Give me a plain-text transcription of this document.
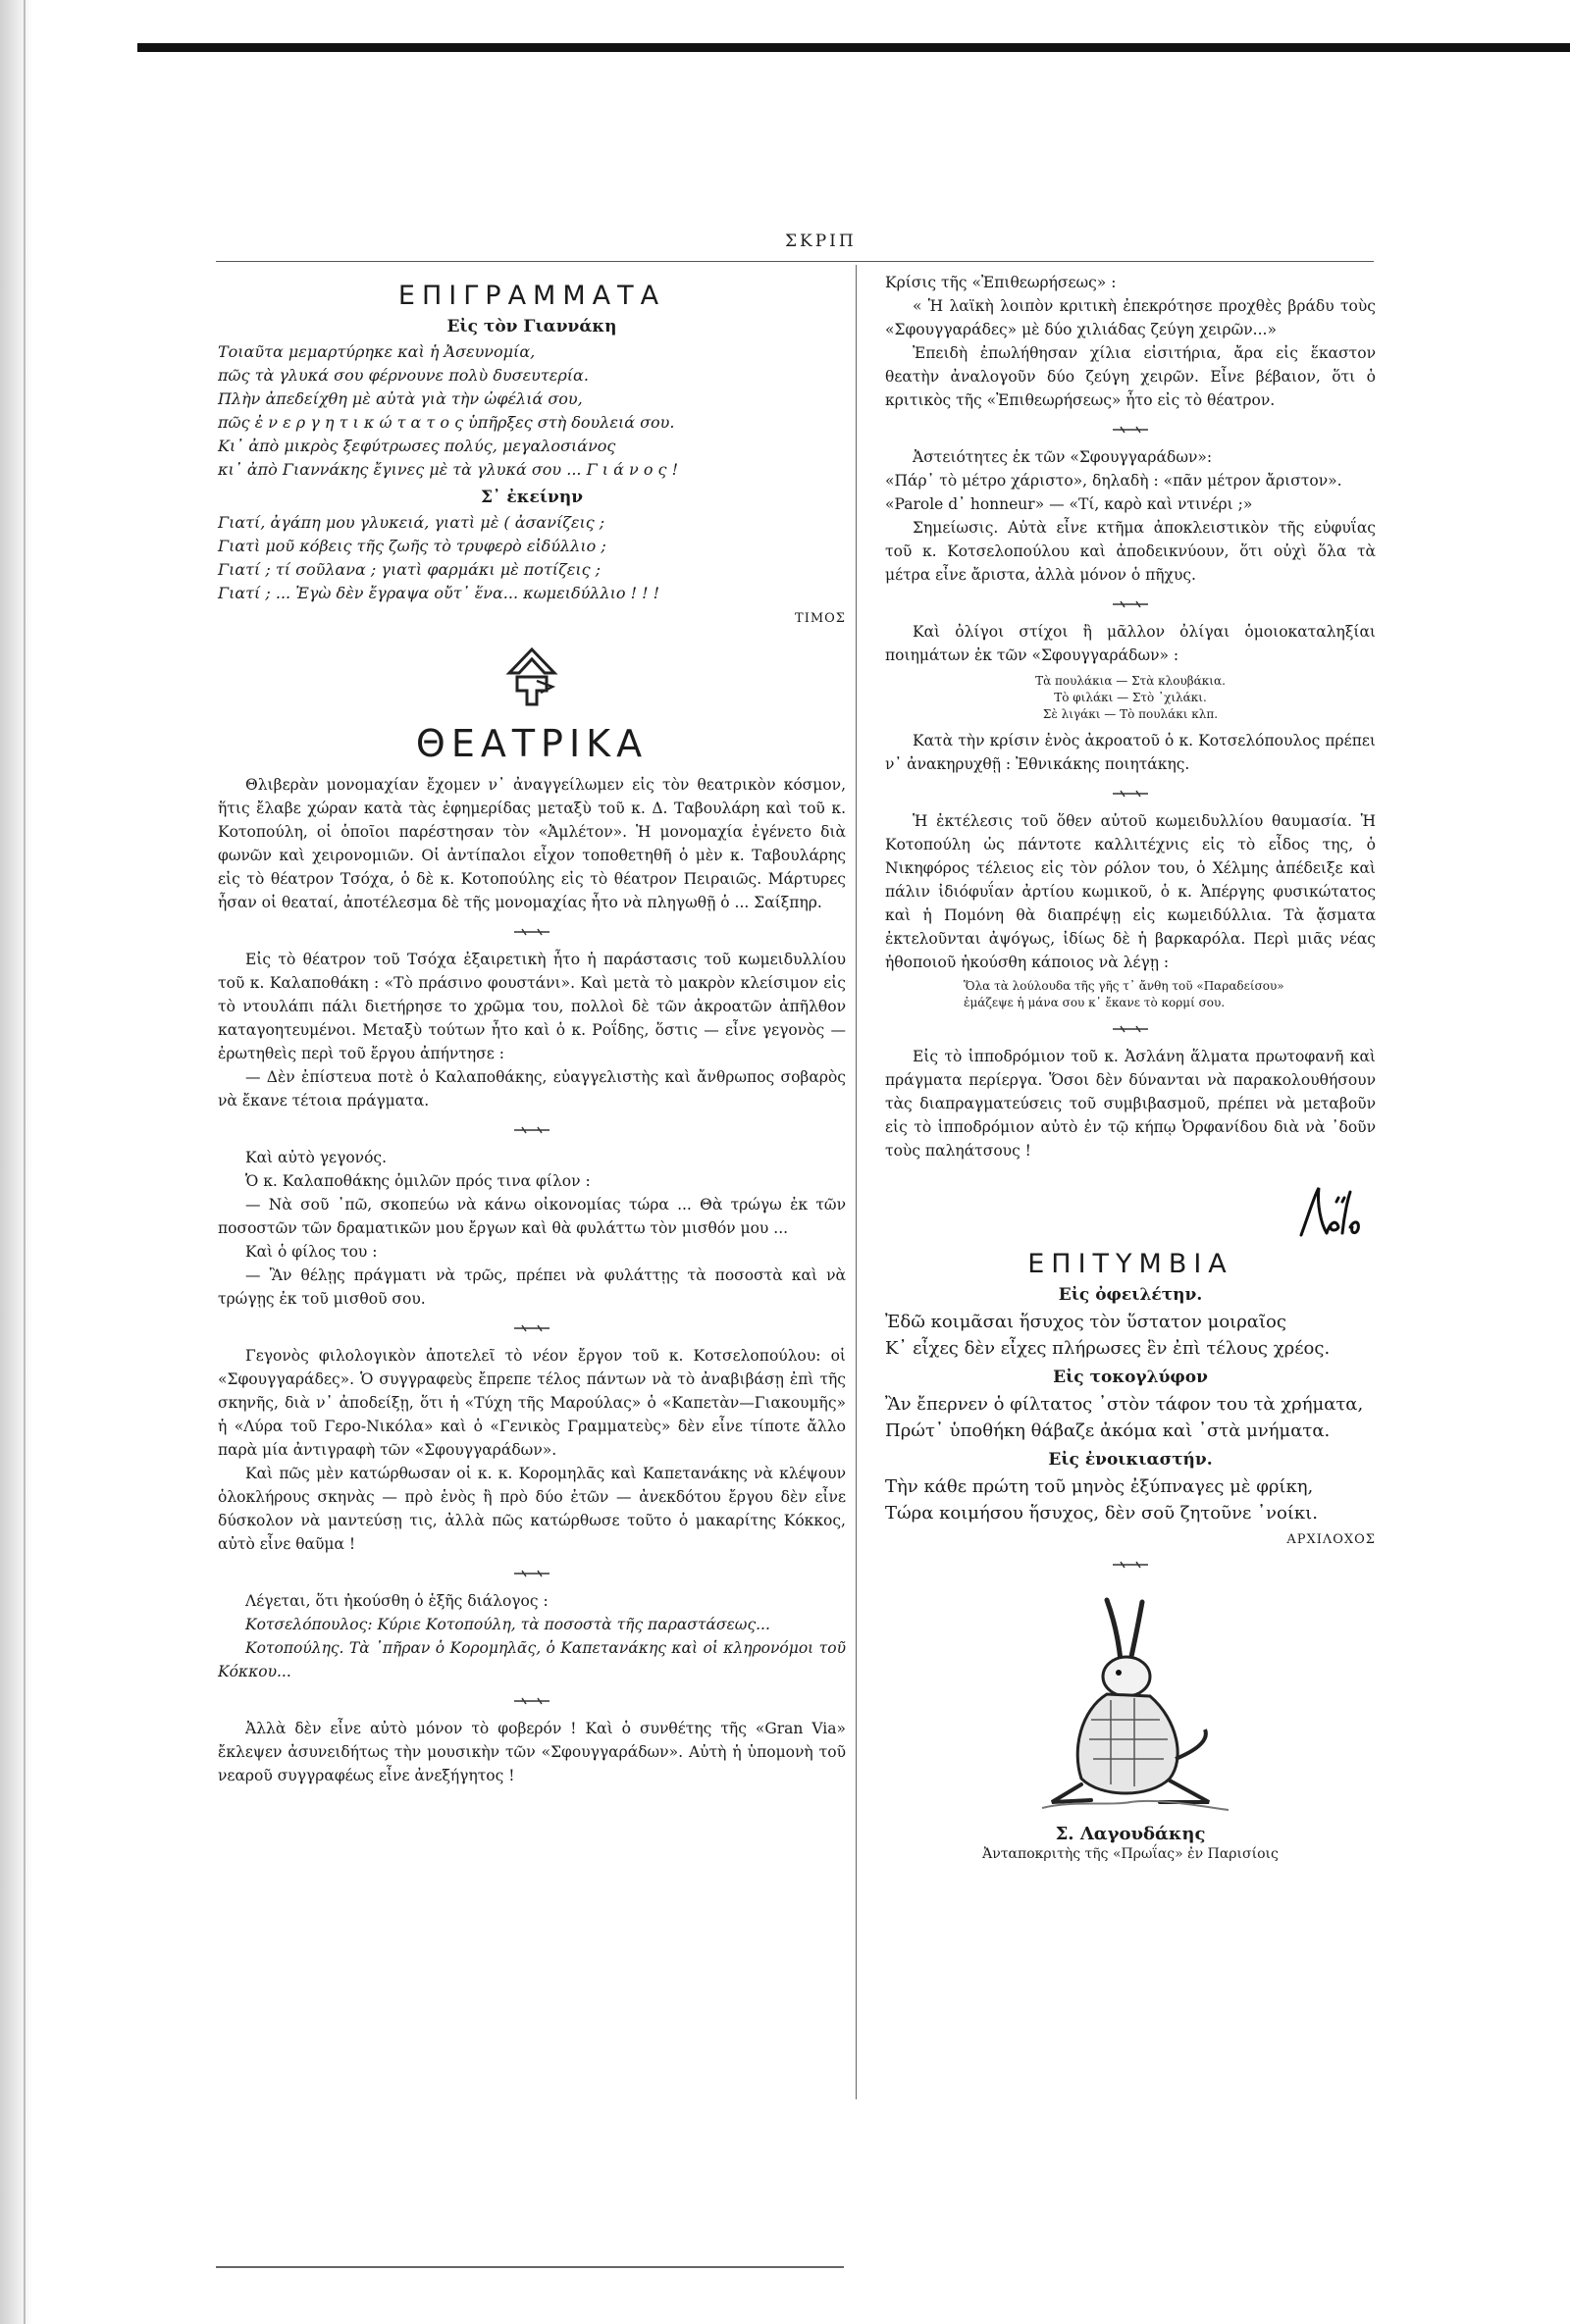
ΣΚΡΙΠ
ΕΠΙΓΡΑΜΜΑΤΑ
Εἰς τὸν Γιαννάκη
Τοιαῦτα μεμαρτύρηκε καὶ ἡ Ἀσευνομία,
πῶς τὰ γλυκά σου φέρνουνε πολὺ δυσευτερία.
Πλὴν ἀπεδείχθη μὲ αὐτὰ γιὰ τὴν ὠφέλιά σου,
πῶς ἐ ν ε ρ γ η τ ι κ ώ τ α τ ο ς ὑπῆρξες στὴ δουλειά σου.
Κι᾿ ἀπὸ μικρὸς ξεφύτρωσες πολύς, μεγαλοσιάνος
κι᾿ ἀπὸ Γιαννάκης ἔγινες μὲ τὰ γλυκά σου ... Γ ι ά ν ο ς !
Σ᾿ ἐκείνην
Γιατί, ἀγάπη μου γλυκειά, γιατὶ μὲ ( ἀσανίζεις ;
Γιατὶ μοῦ κόβεις τῆς ζωῆς τὸ τρυφερὸ εἰδύλλιο ;
Γιατί ; τί σοῦλανα ; γιατὶ φαρμάκι μὲ ποτίζεις ;
Γιατί ; ... Ἐγὼ δὲν ἔγραψα οὔτ᾿ ἕνα... κωμειδύλλιο ! ! !
ΤΙΜΟΣ
ΘΕΑΤΡΙΚΑ

Θλιβερὰν μονομαχίαν ἔχομεν ν᾿ ἀναγγείλωμεν εἰς τὸν θεατρικὸν κόσμον, ἥτις ἔλαβε χώραν κατὰ τὰς ἐφημερίδας μεταξὺ τοῦ κ. Δ. Ταβουλάρη καὶ τοῦ κ. Κοτοπούλη, οἱ ὁποῖοι παρέστησαν τὸν «Ἀμλέτον». Ἡ μονομαχία ἐγένετο διὰ φωνῶν καὶ χειρονομιῶν. Οἱ ἀντίπαλοι εἶχον τοποθετηθῆ ὁ μὲν κ. Ταβουλάρης εἰς τὸ θέατρον Τσόχα, ὁ δὲ κ. Κοτοπούλης εἰς τὸ θέατρον Πειραιῶς. Μάρτυρες ἦσαν οἱ θεαταί, ἀποτέλεσμα δὲ τῆς μονομαχίας ἦτο νὰ πληγωθῇ ὁ ... Σαίξπηρ.

Εἰς τὸ θέατρον τοῦ Τσόχα ἐξαιρετικὴ ἦτο ἡ παράστασις τοῦ κωμειδυλλίου τοῦ κ. Καλαποθάκη : «Τὸ πράσινο φουστάνι». Καὶ μετὰ τὸ μακρὸν κλείσιμον εἰς τὸ ντουλάπι πάλι διετήρησε το χρῶμα του, πολλοὶ δὲ τῶν ἀκροατῶν ἀπῆλθον καταγοητευμένοι. Μεταξὺ τούτων ἦτο καὶ ὁ κ. Ροΐδης, ὅστις — εἶνε γεγονὸς — ἐρωτηθεὶς περὶ τοῦ ἔργου ἀπήντησε :

— Δὲν ἐπίστευα ποτὲ ὁ Καλαποθάκης, εὐαγγελιστὴς καὶ ἄνθρωπος σοβαρὸς νὰ ἔκανε τέτοια πράγματα.

Καὶ αὐτὸ γεγονός.

Ὁ κ. Καλαποθάκης ὁμιλῶν πρός τινα φίλον :

— Νὰ σοῦ ᾽πῶ, σκοπεύω νὰ κάνω οἰκονομίας τώρα ... Θὰ τρώγω ἐκ τῶν ποσοστῶν τῶν δραματικῶν μου ἔργων καὶ θὰ φυλάττω τὸν μισθόν μου ...

Καὶ ὁ φίλος του :

— Ἂν θέλῃς πράγματι νὰ τρῶς, πρέπει νὰ φυλάττῃς τὰ ποσοστὰ καὶ νὰ τρώγῃς ἐκ τοῦ μισθοῦ σου.

Γεγονὸς φιλολογικὸν ἀποτελεῖ τὸ νέον ἔργον τοῦ κ. Κοτσελοπούλου: οἱ «Σφουγγαράδες». Ὁ συγγραφεὺς ἔπρεπε τέλος πάντων νὰ τὸ ἀναβιβάσῃ ἐπὶ τῆς σκηνῆς, διὰ ν᾿ ἀποδείξῃ, ὅτι ἡ «Τύχη τῆς Μαρούλας» ὁ «Καπετὰν—Γιακουμῆς» ἡ «Λύρα τοῦ Γερο-Νικόλα» καὶ ὁ «Γενικὸς Γραμματεὺς» δὲν εἶνε τίποτε ἄλλο παρὰ μία ἀντιγραφὴ τῶν «Σφουγγαράδων».

Καὶ πῶς μὲν κατώρθωσαν οἱ κ. κ. Κορομηλᾶς καὶ Καπετανάκης νὰ κλέψουν ὁλοκλήρους σκηνὰς — πρὸ ἑνὸς ἢ πρὸ δύο ἐτῶν — ἀνεκδότου ἔργου δὲν εἶνε δύσκολον νὰ μαντεύσῃ τις, ἀλλὰ πῶς κατώρθωσε τοῦτο ὁ μακαρίτης Κόκκος, αὐτὸ εἶνε θαῦμα !

Λέγεται, ὅτι ἠκούσθη ὁ ἑξῆς διάλογος :

Κοτσελόπουλος: Κύριε Κοτοπούλη, τὰ ποσοστὰ τῆς παραστάσεως...

Κοτοπούλης. Τὰ ᾽πῆραν ὁ Κορομηλᾶς, ὁ Καπετανάκης καὶ οἱ κληρονόμοι τοῦ Κόκκου...

Ἀλλὰ δὲν εἶνε αὐτὸ μόνον τὸ φοβερόν ! Καὶ ὁ συνθέτης τῆς «Gran Via» ἔκλεψεν ἀσυνειδήτως τὴν μουσικὴν τῶν «Σφουγγαράδων». Αὐτὴ ἡ ὑπομονὴ τοῦ νεαροῦ συγγραφέως εἶνε ἀνεξήγητος !

Κρίσις τῆς «Ἐπιθεωρήσεως» :

« Ἡ λαϊκὴ λοιπὸν κριτικὴ ἐπεκρότησε προχθὲς βράδυ τοὺς «Σφουγγαράδες» μὲ δύο χιλιάδας ζεύγη χειρῶν...»

Ἐπειδὴ ἐπωλήθησαν χίλια εἰσιτήρια, ἄρα εἰς ἕκαστον θεατὴν ἀναλογοῦν δύο ζεύγη χειρῶν. Εἶνε βέβαιον, ὅτι ὁ κριτικὸς τῆς «Ἐπιθεωρήσεως» ἦτο εἰς τὸ θέατρον.

Ἀστειότητες ἐκ τῶν «Σφουγγαράδων»:

«Πάρ᾿ τὸ μέτρο χάριστο», δηλαδὴ : «πᾶν μέτρον ἄριστον».

«Parole d᾿ honneur» — «Τί, καρὸ καὶ ντινέρι ;»

Σημείωσις. Αὐτὰ εἶνε κτῆμα ἀποκλειστικὸν τῆς εὐφυΐας τοῦ κ. Κοτσελοπούλου καὶ ἀποδεικνύουν, ὅτι οὐχὶ ὅλα τὰ μέτρα εἶνε ἄριστα, ἀλλὰ μόνον ὁ πῆχυς.

Καὶ ὀλίγοι στίχοι ἢ μᾶλλον ὀλίγαι ὁμοιοκαταληξίαι ποιημάτων ἐκ τῶν «Σφουγγαράδων» :

Τὰ πουλάκια — Στὰ κλουβάκια.
Τὸ φιλάκι — Στὸ ᾽χιλάκι.
Σὲ λιγάκι — Τὸ πουλάκι κλπ.

Κατὰ τὴν κρίσιν ἑνὸς ἀκροατοῦ ὁ κ. Κοτσελόπουλος πρέπει ν᾿ ἀνακηρυχθῇ : Ἐθνικάκης ποιητάκης.

Ἡ ἐκτέλεσις τοῦ ὅθεν αὐτοῦ κωμειδυλλίου θαυμασία. Ἡ Κοτοπούλη ὡς πάντοτε καλλιτέχνις εἰς τὸ εἶδος της, ὁ Νικηφόρος τέλειος εἰς τὸν ρόλον του, ὁ Χέλμης ἀπέδειξε καὶ πάλιν ἰδιόφυΐαν ἀρτίου κωμικοῦ, ὁ κ. Ἀπέργης φυσικώτατος καὶ ἡ Πομόνη θὰ διαπρέψῃ εἰς κωμειδύλλια. Τὰ ᾄσματα ἐκτελοῦνται ἀψόγως, ἰδίως δὲ ἡ βαρκαρόλα. Περὶ μιᾶς νέας ἠθοποιοῦ ἠκούσθη κάποιος νὰ λέγῃ :

Ὅλα τὰ λούλουδα τῆς γῆς τ᾿ ἄνθη τοῦ «Παραδείσου»
ἐμάζεψε ἡ μάνα σου κ᾿ ἔκανε τὸ κορμί σου.

Εἰς τὸ ἱπποδρόμιον τοῦ κ. Ἀσλάνη ἅλματα πρωτοφανῆ καὶ πράγματα περίεργα. Ὅσοι δὲν δύνανται νὰ παρακολουθήσουν τὰς διαπραγματεύσεις τοῦ συμβιβασμοῦ, πρέπει νὰ μεταβοῦν εἰς τὸ ἱπποδρόμιον αὐτὸ ἐν τῷ κήπῳ Ὀρφανίδου διὰ νὰ ᾽δοῦν τοὺς παληάτσους !

ΕΠΙΤΥΜΒΙΑ
Εἰς ὀφειλέτην.
Ἐδῶ κοιμᾶσαι ἥσυχος τὸν ὕστατον μοιραῖος
Κ᾿ εἶχες δὲν εἶχες πλήρωσες ἓν ἐπὶ τέλους χρέος.
Εἰς τοκογλύφον
Ἂν ἔπερνεν ὁ φίλτατος ᾽στὸν τάφον του τὰ χρήματα,
Πρώτ᾿ ὑποθήκη θάβαζε ἀκόμα καὶ ᾽στὰ μνήματα.
Εἰς ἐνοικιαστήν.
Τὴν κάθε πρώτη τοῦ μηνὸς ἐξύπναγες μὲ φρίκη,
Τώρα κοιμήσου ἥσυχος, δὲν σοῦ ζητοῦνε ᾽νοίκι.
ΑΡΧΙΛΟΧΟΣ
Σ. Λαγουδάκης
Ἀνταποκριτὴς τῆς «Πρωΐας» ἐν Παρισίοις
